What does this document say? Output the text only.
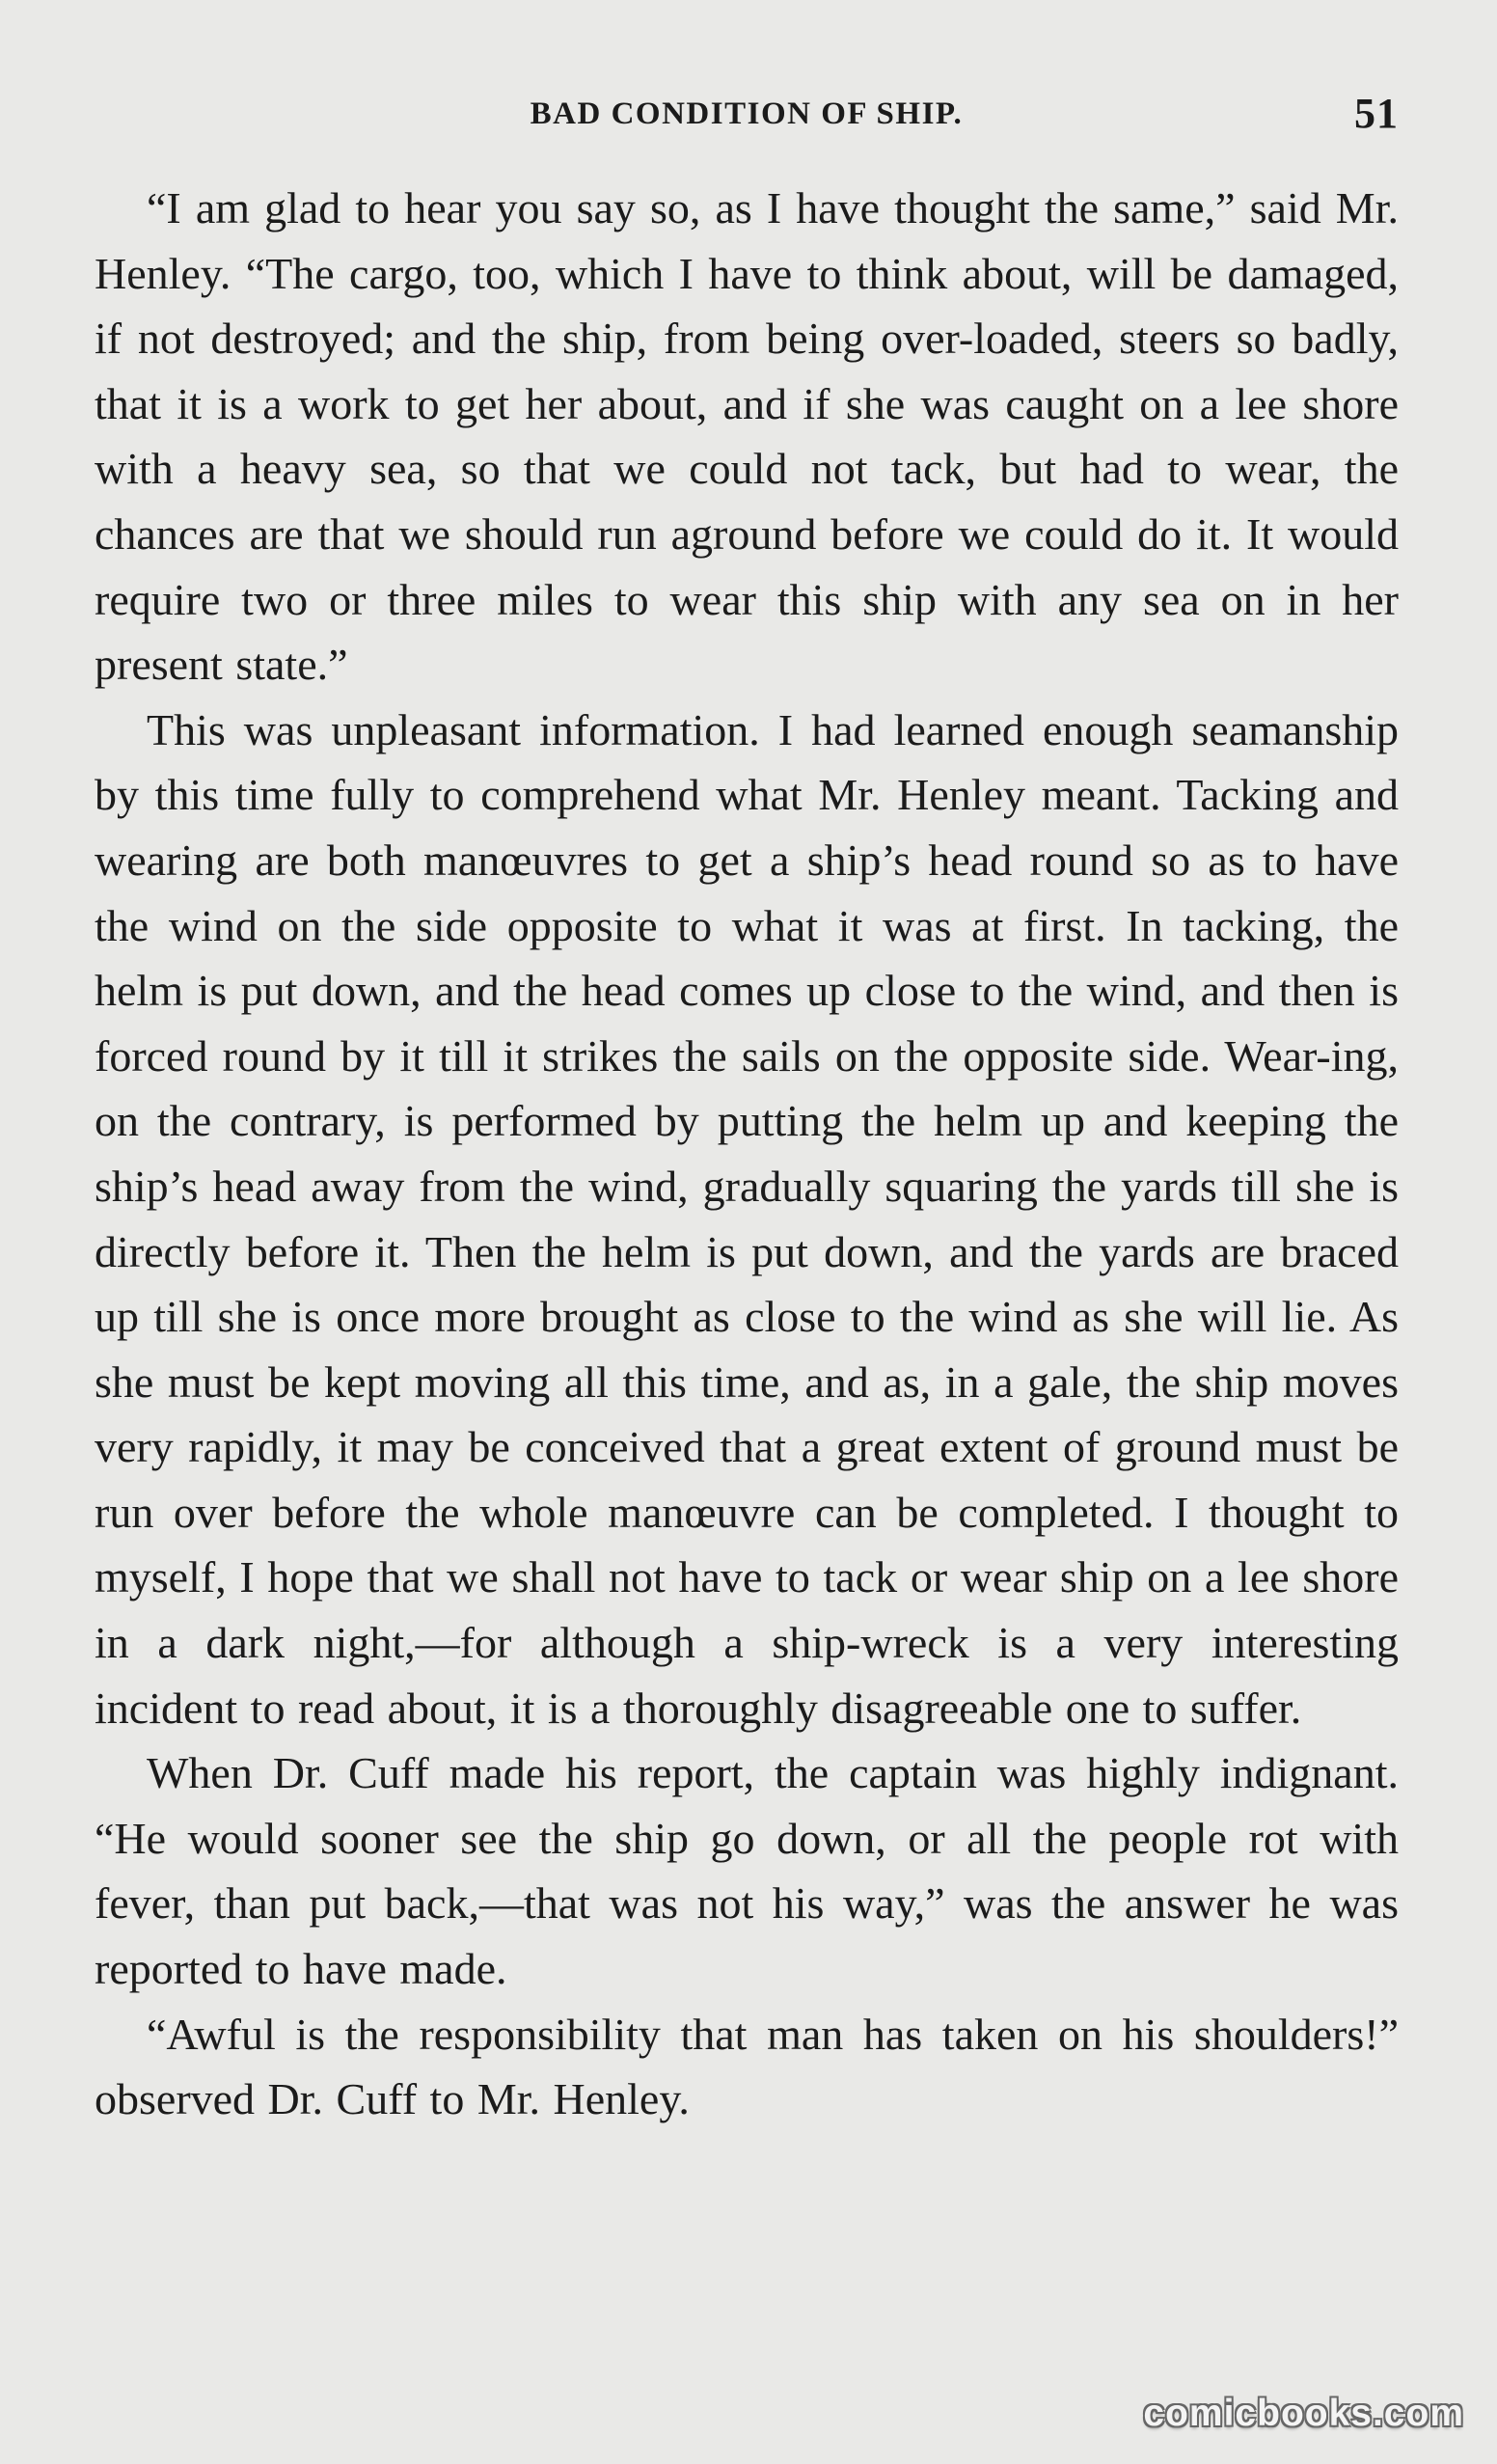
BAD CONDITION OF SHIP.	51

“I am glad to hear you say so, as I have thought the same,” said Mr. Henley. “The cargo, too, which I have to think about, will be damaged, if not destroyed; and the ship, from being over-loaded, steers so badly, that it is a work to get her about, and if she was caught on a lee shore with a heavy sea, so that we could not tack, but had to wear, the chances are that we should run aground before we could do it. It would require two or three miles to wear this ship with any sea on in her present state.”

This was unpleasant information. I had learned enough seamanship by this time fully to comprehend what Mr. Henley meant. Tacking and wearing are both manœuvres to get a ship’s head round so as to have the wind on the side opposite to what it was at first. In tacking, the helm is put down, and the head comes up close to the wind, and then is forced round by it till it strikes the sails on the opposite side. Wear-ing, on the contrary, is performed by putting the helm up and keeping the ship’s head away from the wind, gradually squaring the yards till she is directly before it. Then the helm is put down, and the yards are braced up till she is once more brought as close to the wind as she will lie. As she must be kept moving all this time, and as, in a gale, the ship moves very rapidly, it may be conceived that a great extent of ground must be run over before the whole manœuvre can be completed. I thought to myself, I hope that we shall not have to tack or wear ship on a lee shore in a dark night,—for although a ship-wreck is a very interesting incident to read about, it is a thoroughly disagreeable one to suffer.

When Dr. Cuff made his report, the captain was highly indignant. “He would sooner see the ship go down, or all the people rot with fever, than put back,—that was not his way,” was the answer he was reported to have made.

“Awful is the responsibility that man has taken on his shoulders!” observed Dr. Cuff to Mr. Henley.

comicbooks.com
